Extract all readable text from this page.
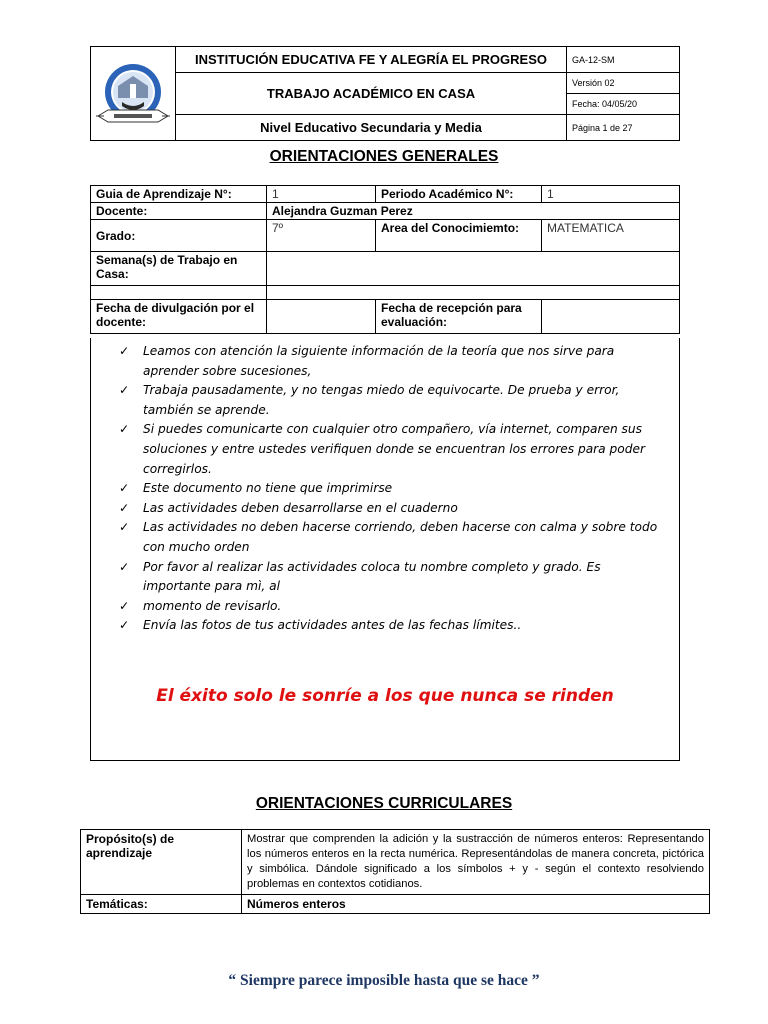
	INSTITUCIÓN EDUCATIVA FE Y ALEGRÍA EL PROGRESO	GA-12-SM
	TRABAJO ACADÉMICO EN CASA	Versión 02
		Fecha: 04/05/20
	Nivel Educativo Secundaria y Media	Página 1 de 27
ORIENTACIONES GENERALES
Guia de Aprendizaje N°:	1	Periodo Académico N°:	1
Docente:	Alejandra Guzman Perez		
Grado:	7º	Area del Conocimiemto:	MATEMATICA
Semana(s) de Trabajo en Casa:			

Fecha de divulgación por el docente:		Fecha de recepción para evaluación:	
✓ Leamos con atención la siguiente información de la teoría que nos sirve para aprender sobre sucesiones,
✓ Trabaja pausadamente, y no tengas miedo de equivocarte. De prueba y error, también se aprende.
✓ Si puedes comunicarte con cualquier otro compañero, vía internet, comparen sus soluciones y entre ustedes verifiquen donde se encuentran los errores para poder corregirlos.
✓ Este documento no tiene que imprimirse
✓ Las actividades deben desarrollarse en el cuaderno
✓ Las actividades no deben hacerse corriendo, deben hacerse con calma y sobre todo con mucho orden
✓ Por favor al realizar las actividades coloca tu nombre completo y grado. Es importante para mì, al
✓ momento de revisarlo.
✓ Envía las fotos de tus actividades antes de las fechas límites..
El éxito solo le sonríe a los que nunca se rinden
ORIENTACIONES CURRICULARES
Propósito(s) de aprendizaje	Mostrar que comprenden la adición y la sustracción de números enteros: Representando los números enteros en la recta numérica. Representándolas de manera concreta, pictórica y simbólica. Dándole significado a los símbolos + y - según el contexto resolviendo problemas en contextos cotidianos.
Temáticas:	Números enteros
“ Siempre parece imposible hasta que se hace ”
